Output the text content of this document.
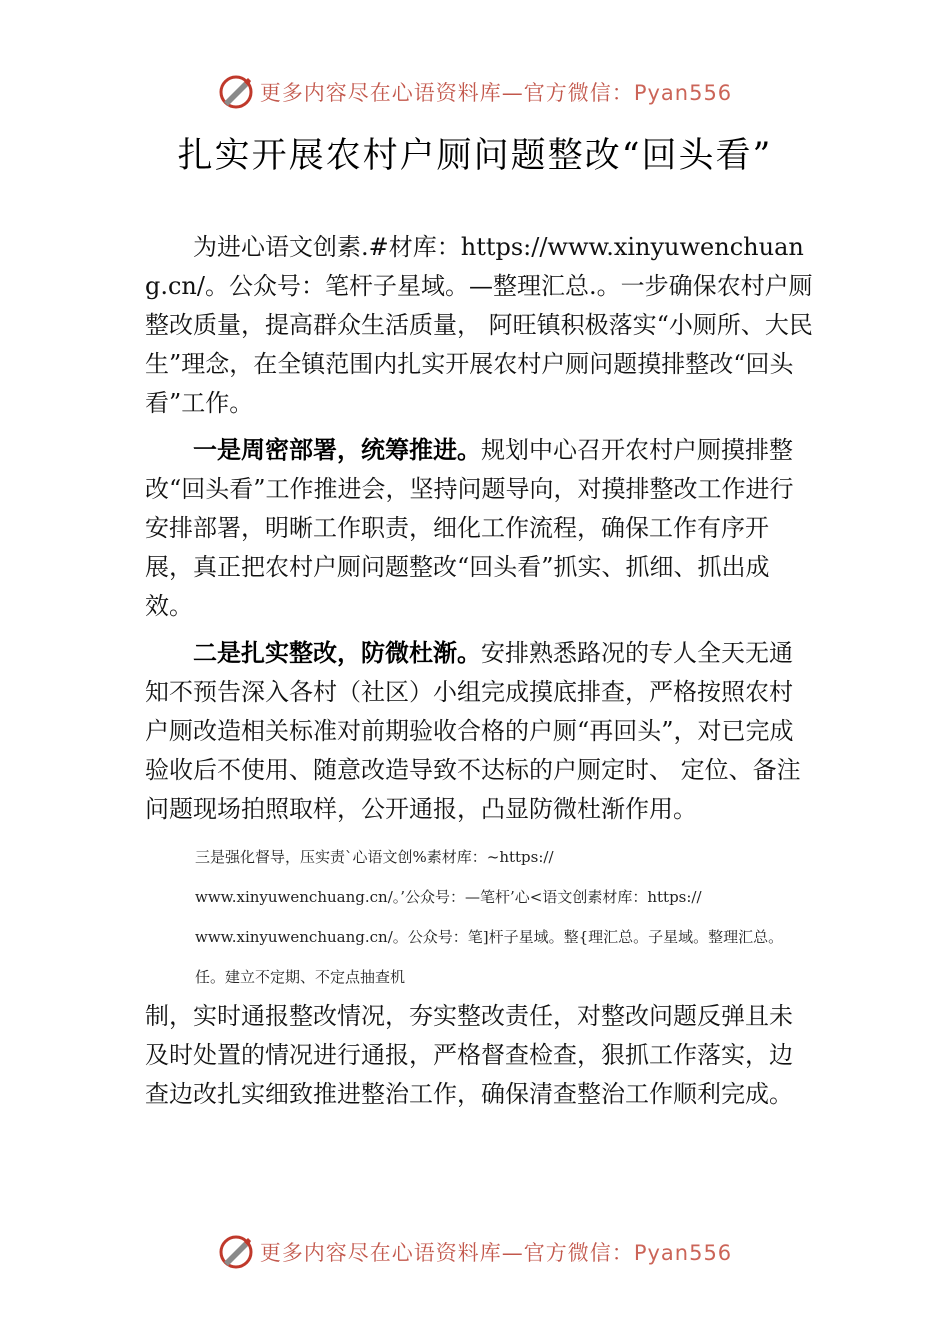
更多内容尽在心语资料库—官方微信：Pyan556
扎实开展农村户厕问题整改“回头看”

为进心语文创素.#材库：https://www.xinyuwenchuang.cn/。公众号：笔杆子星域。—整理汇总.。一步确保农村户厕整改质量，提高群众生活质量， 阿旺镇积极落实“小厕所、大民生”理念，在全镇范围内扎实开展农村户厕问题摸排整改“回头看”工作。

一是周密部署，统筹推进。规划中心召开农村户厕摸排整改“回头看”工作推进会，坚持问题导向，对摸排整改工作进行安排部署，明晰工作职责，细化工作流程，确保工作有序开展，真正把农村户厕问题整改“回头看”抓实、抓细、抓出成效。

二是扎实整改，防微杜渐。安排熟悉路况的专人全天无通知不预告深入各村（社区）小组完成摸底排查，严格按照农村户厕改造相关标准对前期验收合格的户厕“再回头”，对已完成验收后不使用、随意改造导致不达标的户厕定时、 定位、备注问题现场拍照取样，公开通报，凸显防微杜渐作用。

三是强化督导，压实责`心语文创%素材库：~https://
www.xinyuwenchuang.cn/。’公众号：—笔杆’心<语文创素材库：https://
www.xinyuwenchuang.cn/。公众号：笔]杆子星域。整{理汇总。子星域。整理汇总。
任。建立不定期、不定点抽查机

制，实时通报整改情况，夯实整改责任，对整改问题反弹且未及时处置的情况进行通报，严格督查检查，狠抓工作落实，边查边改扎实细致推进整治工作，确保清查整治工作顺利完成。

更多内容尽在心语资料库—官方微信：Pyan556
